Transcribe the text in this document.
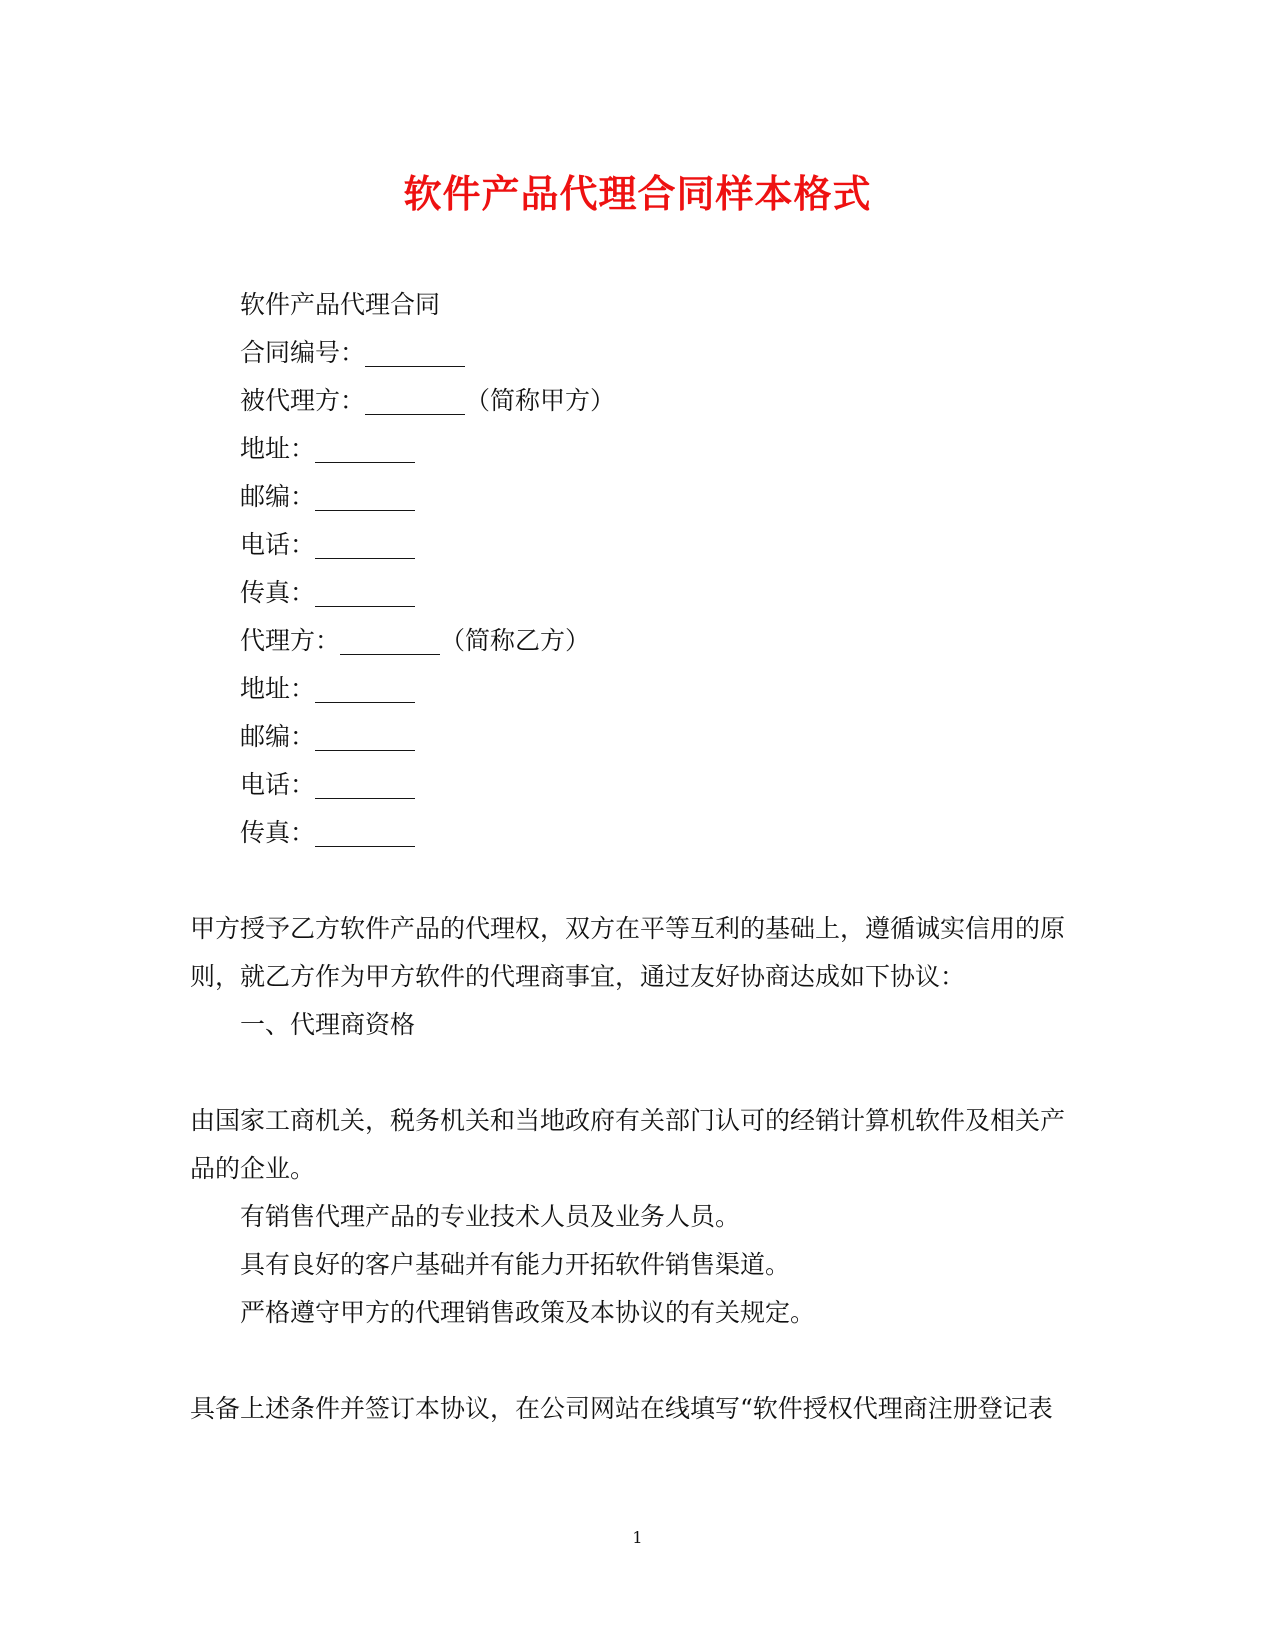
软件产品代理合同样本格式
软件产品代理合同
合同编号：________
被代理方：________（简称甲方）
地址：________
邮编：________
电话：________
传真：________
代理方：________（简称乙方）
地址：________
邮编：________
电话：________
传真：________
甲方授予乙方软件产品的代理权，双方在平等互利的基础上，遵循诚实信用的原
则，就乙方作为甲方软件的代理商事宜，通过友好协商达成如下协议：
一、代理商资格
由国家工商机关，税务机关和当地政府有关部门认可的经销计算机软件及相关产
品的企业。
有销售代理产品的专业技术人员及业务人员。
具有良好的客户基础并有能力开拓软件销售渠道。
严格遵守甲方的代理销售政策及本协议的有关规定。
具备上述条件并签订本协议，在公司网站在线填写“软件授权代理商注册登记表
1
